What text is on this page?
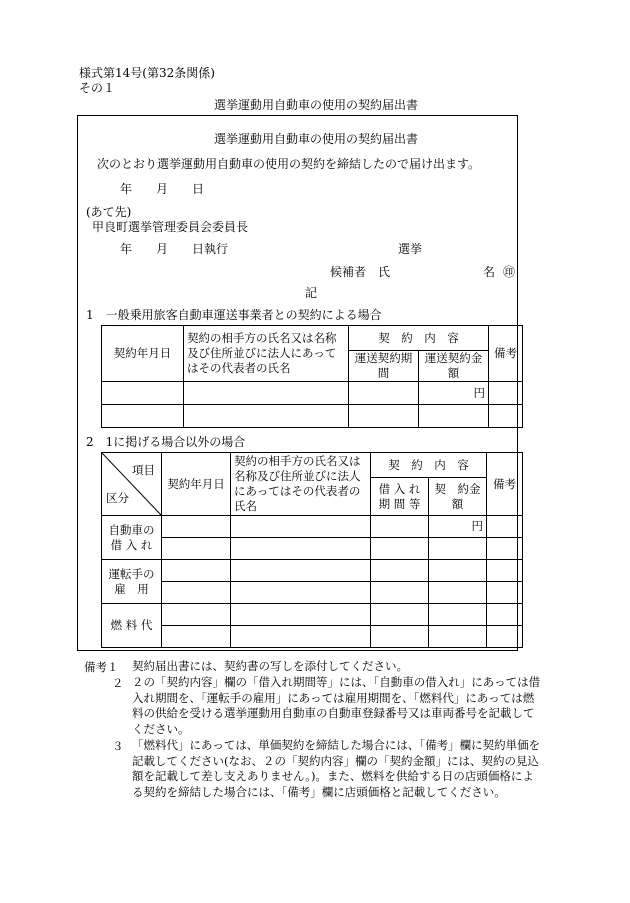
様式第14号(第32条関係)
その１
選挙運動用自動車の使用の契約届出書
選挙運動用自動車の使用の契約届出書
次のとおり選挙運動用自動車の使用の契約を締結したので届け出ます。
年　　月　　日
(あて先)
甲良町選挙管理委員会委員長
年　　月　　日執行	選挙
候補者　氏	名 ㊞
記
1　一般乗用旅客自動車運送事業者との契約による場合
契約年月日	契約の相手方の氏名又は名称及び住所並びに法人にあってはその代表者の氏名	契　約　内　容		備考
		運送契約期　間	運送契約金　額	
			円	

2　1に掲げる場合以外の場合
項目
区分	契約年月日	契約の相手方の氏名又は名称及び住所並びに法人にあってはその代表者の氏名	契　約　内　容		備考
			借 入 れ期 間 等	契　約金　額	
自動車の借 入 れ				円	

運転手の雇　用					

燃 料 代					

備考１ 契約届出書には、契約書の写しを添付してください。
２ ２の「契約内容」欄の「借入れ期間等」には、「自動車の借入れ」にあっては借入れ期間を、「運転手の雇用」にあっては雇用期間を、「燃料代」にあっては燃料の供給を受ける選挙運動用自動車の自動車登録番号又は車両番号を記載してください。
３ 「燃料代」にあっては、単価契約を締結した場合には、「備考」欄に契約単価を記載してください(なお、２の「契約内容」欄の「契約金額」には、契約の見込額を記載して差し支えありません。)。また、燃料を供給する日の店頭価格による契約を締結した場合には、「備考」欄に店頭価格と記載してください。
